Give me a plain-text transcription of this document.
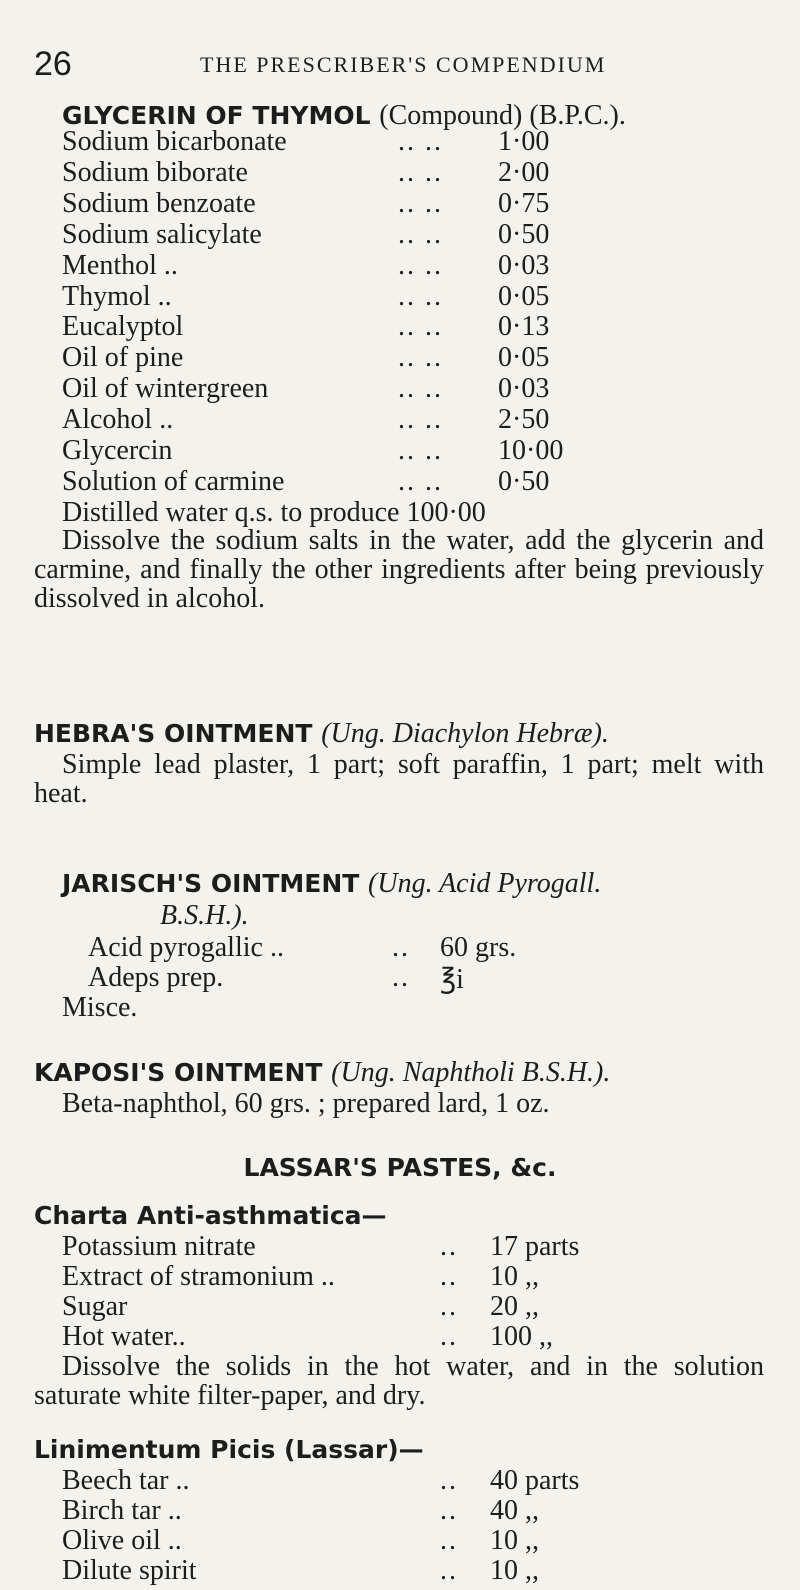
26	THE PRESCRIBER'S COMPENDIUM
GLYCERIN OF THYMOL (Compound) (B.P.C.).
Sodium bicarbonate	.. .. 1·00
Sodium biborate	.. .. 2·00
Sodium benzoate	.. .. 0·75
Sodium salicylate	.. .. 0·50
Menthol ..	.. .. 0·03
Thymol ..	.. .. 0·05
Eucalyptol	.. .. 0·13
Oil of pine	.. .. 0·05
Oil of wintergreen	.. .. 0·03
Alcohol ..	.. .. 2·50
Glycercin	.. .. 10·00
Solution of carmine	.. .. 0·50
Distilled water q.s. to produce 100·00
Dissolve the sodium salts in the water, add the glycerin and carmine, and finally the other ingredients after being previously dissolved in alcohol.
HEBRA'S OINTMENT (Ung. Diachylon Hebræ).
Simple lead plaster, 1 part; soft paraffin, 1 part; melt with heat.
JARISCH'S OINTMENT (Ung. Acid Pyrogall.
B.S.H.).
Acid pyrogallic ..	.. 60 grs.
Adeps prep.	.. ℥i
Misce.
KAPOSI'S OINTMENT (Ung. Naphtholi B.S.H.).
Beta-naphthol, 60 grs. ; prepared lard, 1 oz.
LASSAR'S PASTES, &c.
Charta Anti-asthmatica—
Potassium nitrate	.. 17 parts
Extract of stramonium ..	.. 10 ,,
Sugar	.. 20 ,,
Hot water..	.. 100 ,,
Dissolve the solids in the hot water, and in the solution saturate white filter-paper, and dry.
Linimentum Picis (Lassar)—
Beech tar ..	.. 40 parts
Birch tar ..	.. 40 ,,
Olive oil ..	.. 10 ,,
Dilute spirit	.. 10 ,,
